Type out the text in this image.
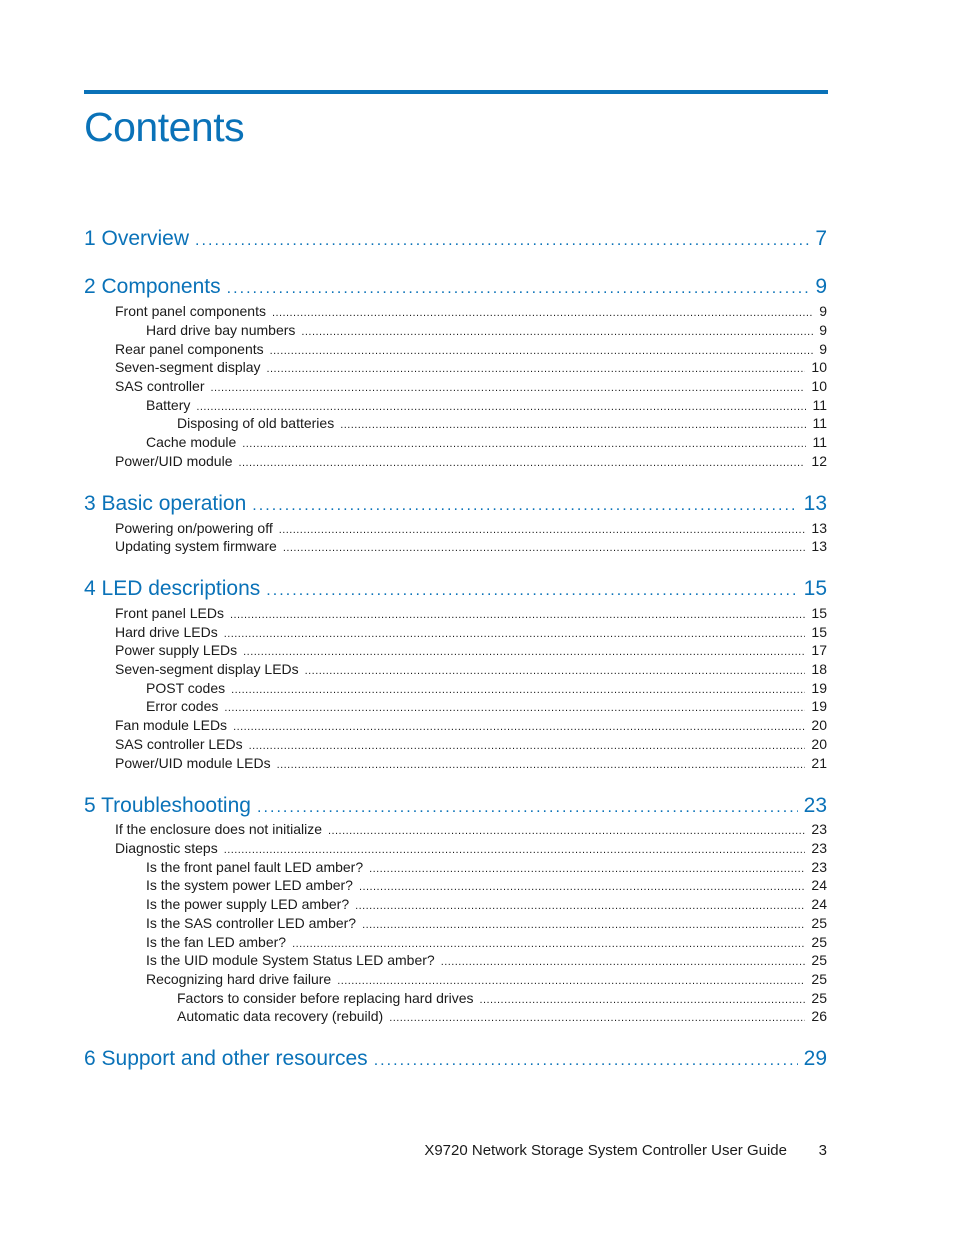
Contents
1 Overview . . .	7
2 Components . . .	9
Front panel components . . .	9
Hard drive bay numbers . . .	9
Rear panel components . . .	9
Seven-segment display . . .	10
SAS controller . . .	10
Battery . . .	11
Disposing of old batteries . . .	11
Cache module . . .	11
Power/UID module . . .	12
3 Basic operation . . .	13
Powering on/powering off . . .	13
Updating system firmware . . .	13
4 LED descriptions . . .	15
Front panel LEDs . . .	15
Hard drive LEDs . . .	15
Power supply LEDs . . .	17
Seven-segment display LEDs . . .	18
POST codes . . .	19
Error codes . . .	19
Fan module LEDs . . .	20
SAS controller LEDs . . .	20
Power/UID module LEDs . . .	21
5 Troubleshooting . . .	23
If the enclosure does not initialize . . .	23
Diagnostic steps . . .	23
Is the front panel fault LED amber? . . .	23
Is the system power LED amber? . . .	24
Is the power supply LED amber? . . .	24
Is the SAS controller LED amber? . . .	25
Is the fan LED amber? . . .	25
Is the UID module System Status LED amber? . . .	25
Recognizing hard drive failure . . .	25
Factors to consider before replacing hard drives . . .	25
Automatic data recovery (rebuild) . . .	26
6 Support and other resources . . .	29
X9720 Network Storage System Controller User Guide 3
